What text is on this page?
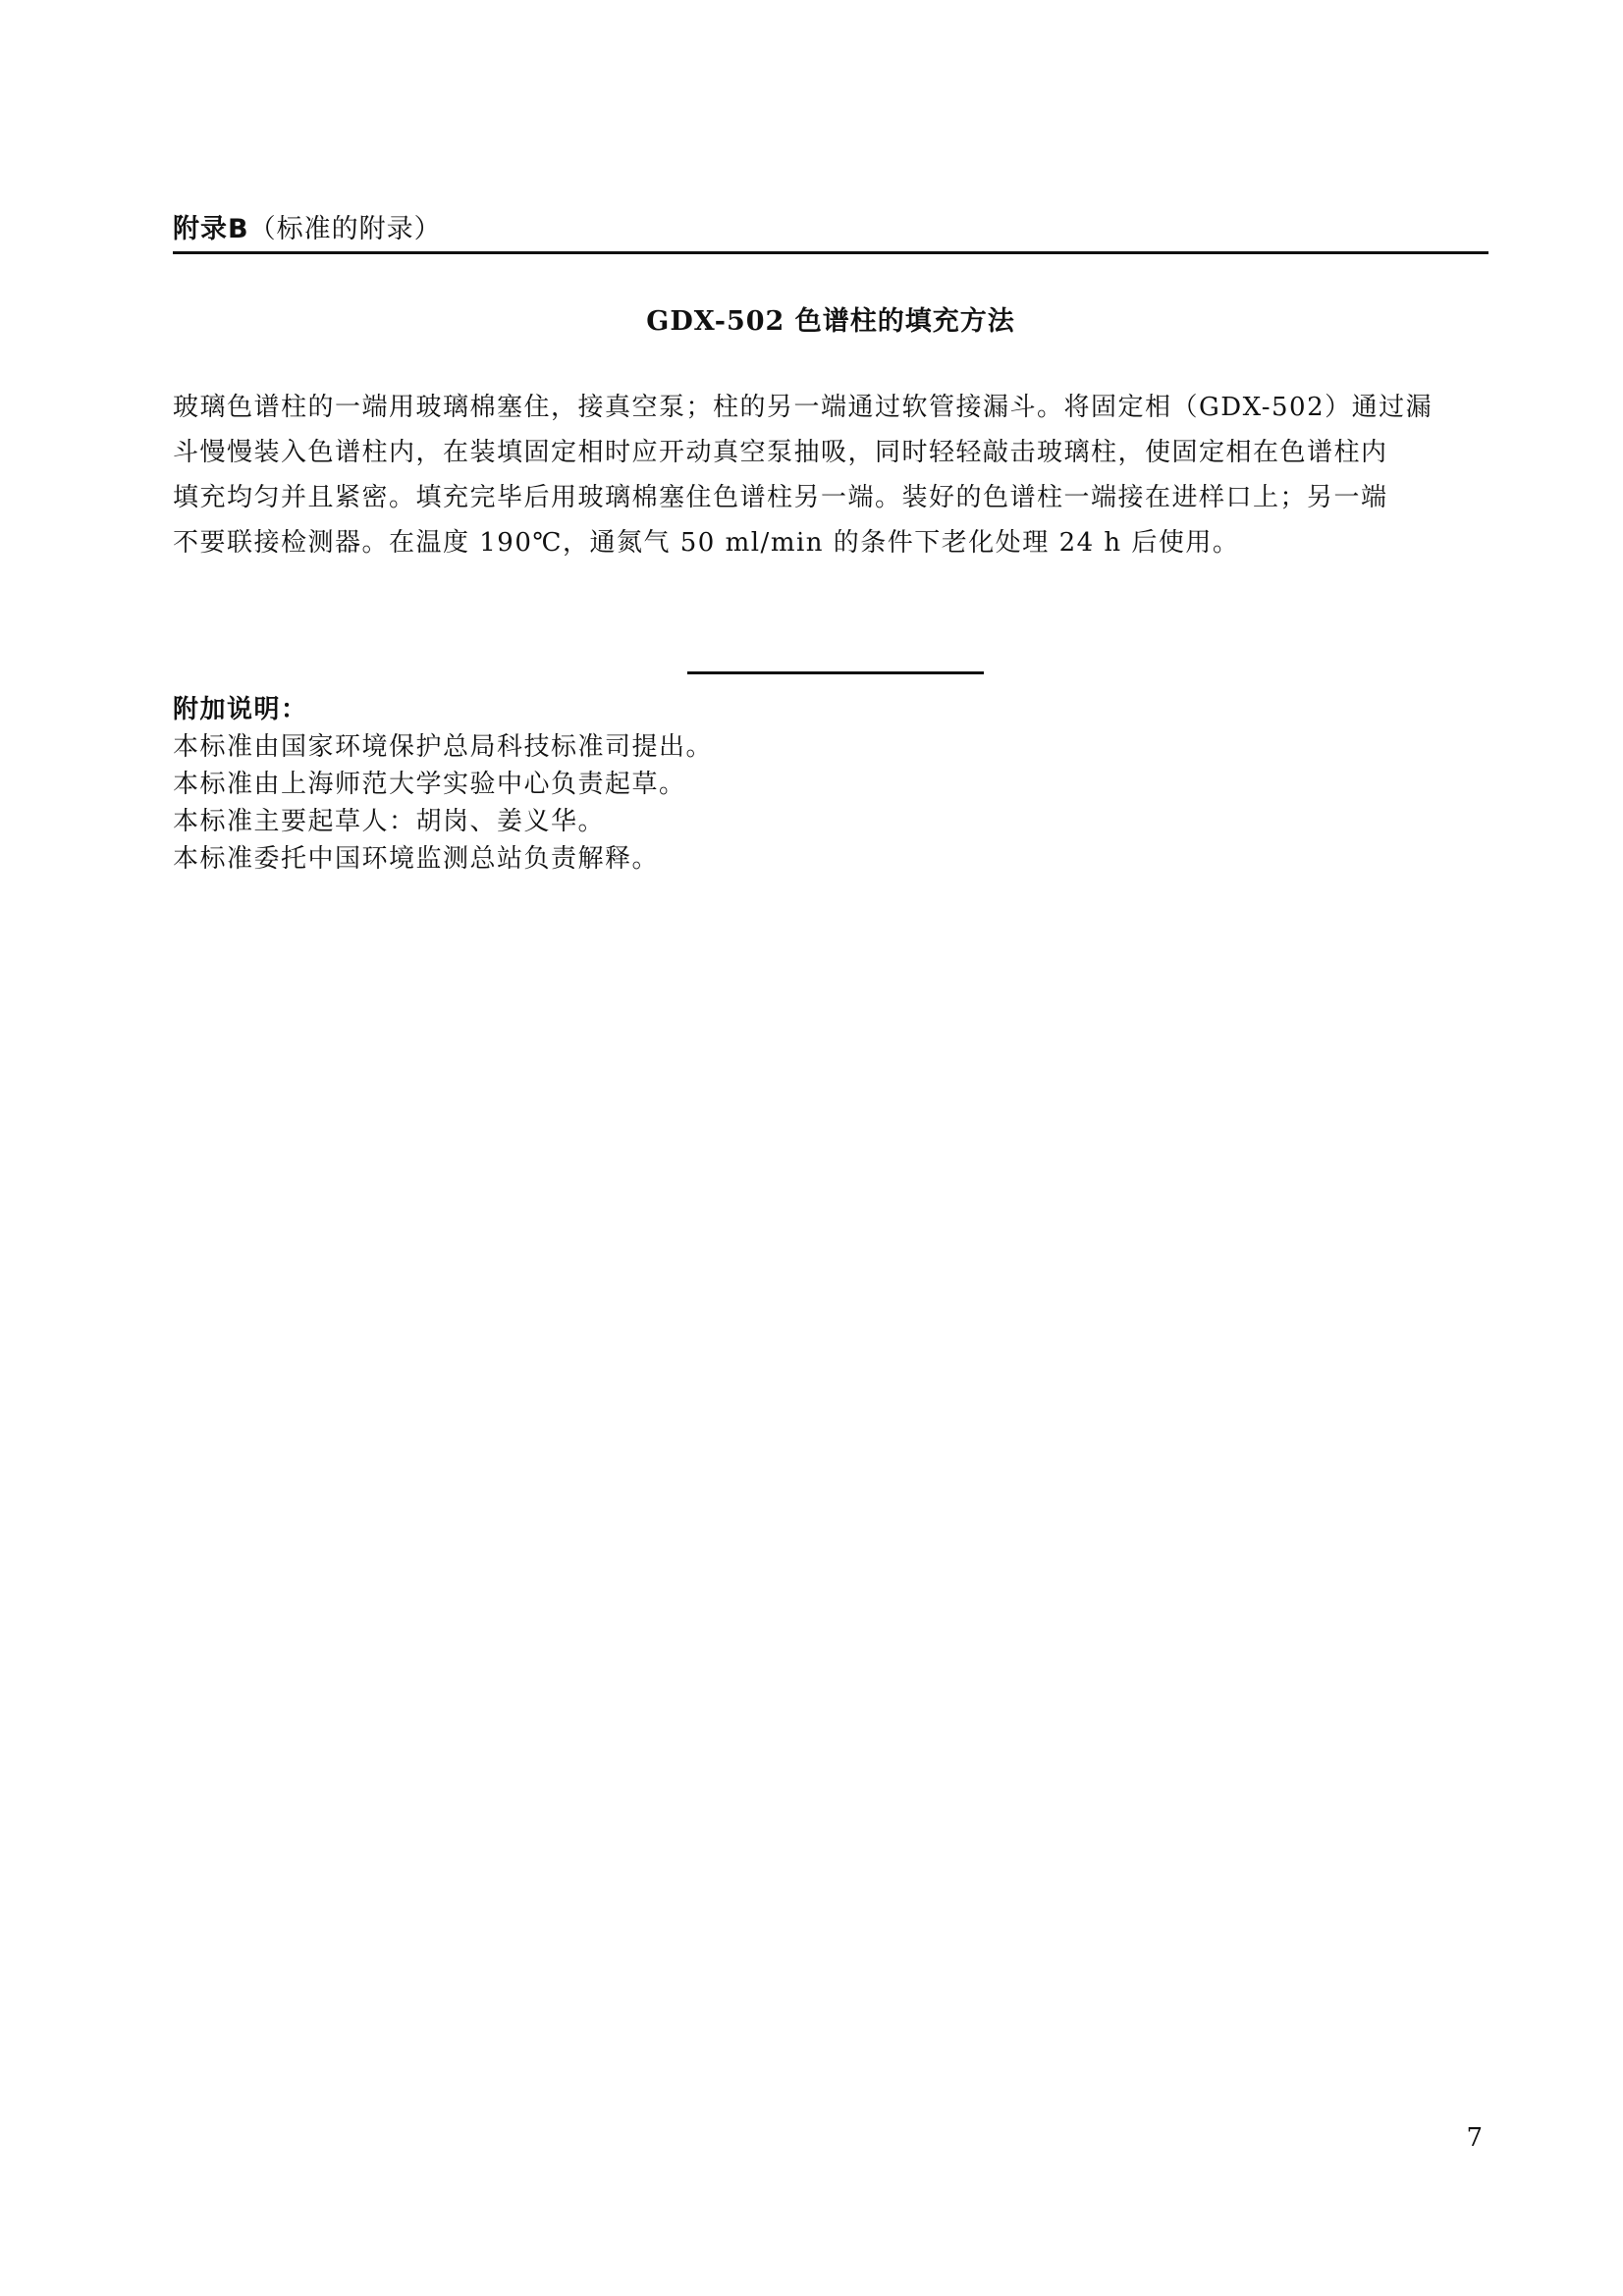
附录B（标准的附录）
GDX-502 色谱柱的填充方法
玻璃色谱柱的一端用玻璃棉塞住，接真空泵；柱的另一端通过软管接漏斗。将固定相（GDX-502）通过漏
斗慢慢装入色谱柱内，在装填固定相时应开动真空泵抽吸，同时轻轻敲击玻璃柱，使固定相在色谱柱内
填充均匀并且紧密。填充完毕后用玻璃棉塞住色谱柱另一端。装好的色谱柱一端接在进样口上；另一端
不要联接检测器。在温度 190℃，通氮气 50 ml/min 的条件下老化处理 24 h 后使用。
附加说明：
本标准由国家环境保护总局科技标准司提出。
本标准由上海师范大学实验中心负责起草。
本标准主要起草人：胡岗、姜义华。
本标准委托中国环境监测总站负责解释。
7
